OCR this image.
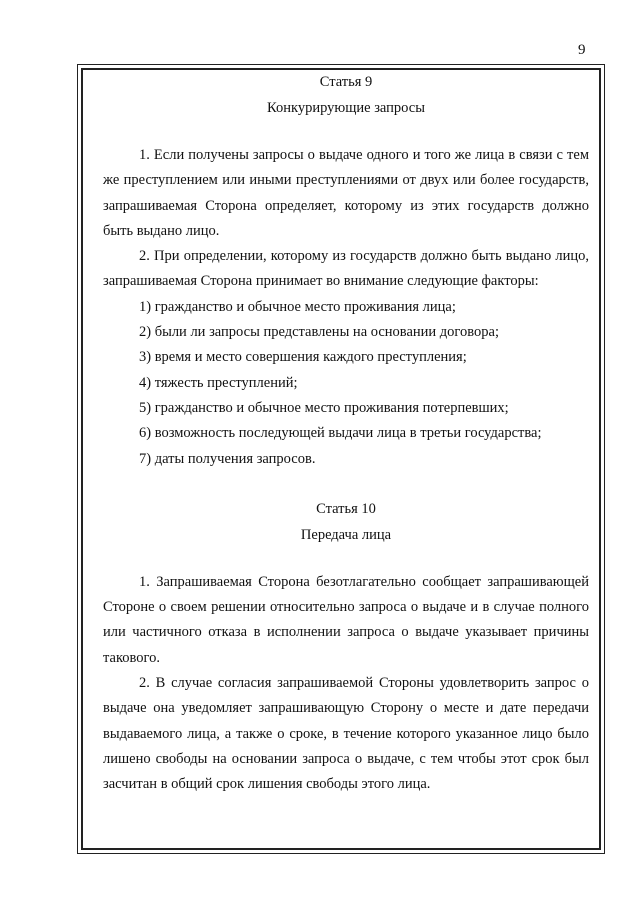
9
Статья 9
Конкурирующие запросы

1. Если получены запросы о выдаче одного и того же лица в связи с тем же преступлением или иными преступлениями от двух или более государств, запрашиваемая Сторона определяет, которому из этих государств должно быть выдано лицо.

2. При определении, которому из государств должно быть выдано лицо, запрашиваемая Сторона принимает во внимание следующие факторы:

1) гражданство и обычное место проживания лица;

2) были ли запросы представлены на основании договора;

3) время и место совершения каждого преступления;

4) тяжесть преступлений;

5) гражданство и обычное место проживания потерпевших;

6) возможность последующей выдачи лица в третьи государства;

7) даты получения запросов.

Статья 10
Передача лица

1. Запрашиваемая Сторона безотлагательно сообщает запрашивающей Стороне о своем решении относительно запроса о выдаче и в случае полного или частичного отказа в исполнении запроса о выдаче указывает причины такового.

2. В случае согласия запрашиваемой Стороны удовлетворить запрос о выдаче она уведомляет запрашивающую Сторону о месте и дате передачи выдаваемого лица, а также о сроке, в течение которого указанное лицо было лишено свободы на основании запроса о выдаче, с тем чтобы этот срок был засчитан в общий срок лишения свободы этого лица.
